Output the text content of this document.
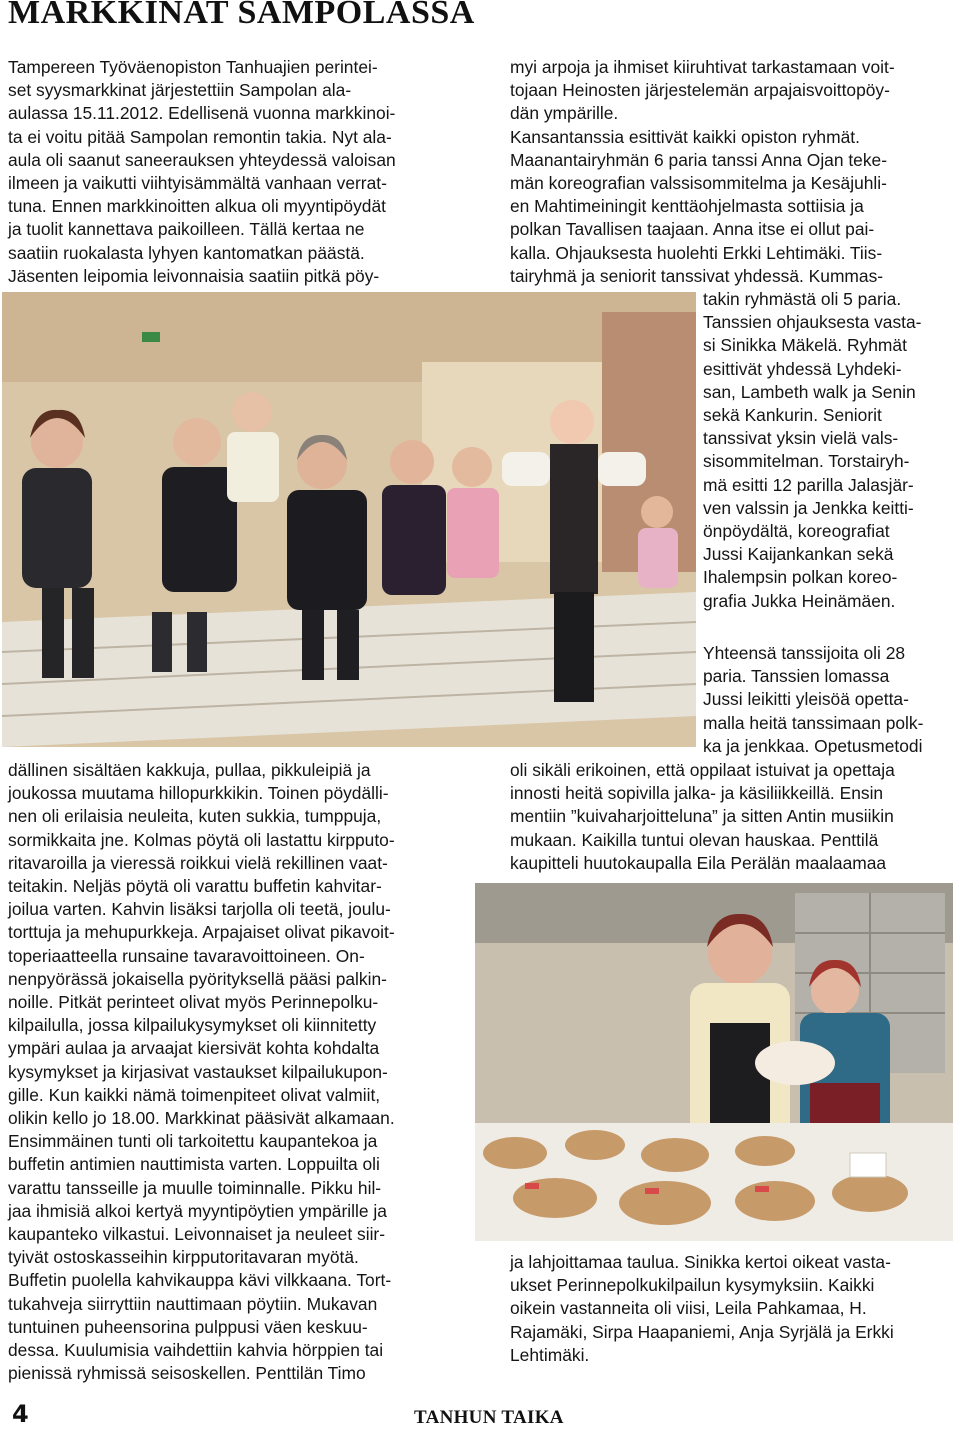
MARKKINAT SAMPOLASSA
Tampereen Työväenopiston Tanhuajien perintei-
set syysmarkkinat järjestettiin Sampolan ala-
aulassa 15.11.2012. Edellisenä vuonna markkinoi-
ta ei voitu pitää Sampolan remontin takia. Nyt ala-
aula oli saanut saneerauksen yhteydessä valoisan
ilmeen ja vaikutti viihtyisämmältä vanhaan verrat-
tuna. Ennen markkinoitten alkua oli myyntipöydät
ja tuolit kannettava paikoilleen. Tällä kertaa ne
saatiin ruokalasta lyhyen kantomatkan päästä.
Jäsenten leipomia leivonnaisia saatiin pitkä pöy-
dällinen sisältäen kakkuja, pullaa, pikkuleipiä ja
joukossa muutama hillopurkkikin. Toinen pöydälli-
nen oli erilaisia neuleita, kuten sukkia, tumppuja,
sormikkaita jne. Kolmas pöytä oli lastattu kirpputo-
ritavaroilla ja vieressä roikkui vielä rekillinen vaat-
teitakin. Neljäs pöytä oli varattu buffetin kahvitar-
joilua varten. Kahvin lisäksi tarjolla oli teetä, joulu-
torttuja ja mehupurkkeja. Arpajaiset olivat pikavoit-
toperiaatteella runsaine tavaravoittoineen. On-
nenpyörässä jokaisella pyörityksellä pääsi palkin-
noille. Pitkät perinteet olivat myös Perinnepolku-
kilpailulla, jossa kilpailukysymykset oli kiinnitetty
ympäri aulaa ja arvaajat kiersivät kohta kohdalta
kysymykset ja kirjasivat vastaukset kilpailukupon-
gille. Kun kaikki nämä toimenpiteet olivat valmiit,
olikin kello jo 18.00. Markkinat pääsivät alkamaan.
Ensimmäinen tunti oli tarkoitettu kaupantekoa ja
buffetin antimien nauttimista varten. Loppuilta oli
varattu tansseille ja muulle toiminnalle. Pikku hil-
jaa ihmisiä alkoi kertyä myyntipöytien ympärille ja
kaupanteko vilkastui. Leivonnaiset ja neuleet siir-
tyivät ostoskasseihin kirpputoritavaran myötä.
Buffetin puolella kahvikauppa kävi vilkkaana. Tort-
tukahveja siirryttiin nauttimaan pöytiin. Mukavan
tuntuinen puheensorina pulppusi väen keskuu-
dessa. Kuulumisia vaihdettiin kahvia hörppien tai
pienissä ryhmissä seisoskellen. Penttilän Timo
myi arpoja ja ihmiset kiiruhtivat tarkastamaan voit-
tojaan Heinosten järjestelemän arpajaisvoittopöy-
dän ympärille.
Kansantanssia esittivät kaikki opiston ryhmät.
Maanantairyhmän 6 paria tanssi Anna Ojan teke-
män koreografian valssisommitelma ja Kesäjuhli-
en Mahtimeiningit kenttäohjelmasta sottiisia ja
polkan Tavallisen taajaan. Anna itse ei ollut pai-
kalla. Ohjauksesta huolehti Erkki Lehtimäki. Tiis-
tairyhmä ja seniorit tanssivat yhdessä. Kummas-
takin ryhmästä oli 5 paria.
Tanssien ohjauksesta vasta-
si Sinikka Mäkelä. Ryhmät
esittivät yhdessä Lyhdeki-
san, Lambeth walk ja Senin
sekä Kankurin. Seniorit
tanssivat yksin vielä vals-
sisommitelman. Torstairyh-
mä esitti 12 parilla Jalasjär-
ven valssin ja Jenkka keitti-
önpöydältä, koreografiat
Jussi Kaijankankan sekä
Ihalempsin polkan koreo-
grafia Jukka Heinämäen.
Yhteensä tanssijoita oli 28
paria. Tanssien lomassa
Jussi leikitti yleisöä opetta-
malla heitä tanssimaan polk-
ka ja jenkkaa. Opetusmetodi
oli sikäli erikoinen, että oppilaat istuivat ja opettaja
innosti heitä sopivilla jalka- ja käsiliikkeillä. Ensin
mentiin ”kuivaharjoitteluna” ja sitten Antin musiikin
mukaan. Kaikilla tuntui olevan hauskaa. Penttilä
kaupitteli huutokaupalla Eila Perälän maalaamaa
ja lahjoittamaa taulua. Sinikka kertoi oikeat vasta-
ukset Perinnepolkukilpailun kysymyksiin. Kaikki
oikein vastanneita oli viisi, Leila Pahkamaa, H.
Rajamäki, Sirpa Haapaniemi, Anja Syrjälä ja Erkki
Lehtimäki.
4	TANHUN TAIKA
